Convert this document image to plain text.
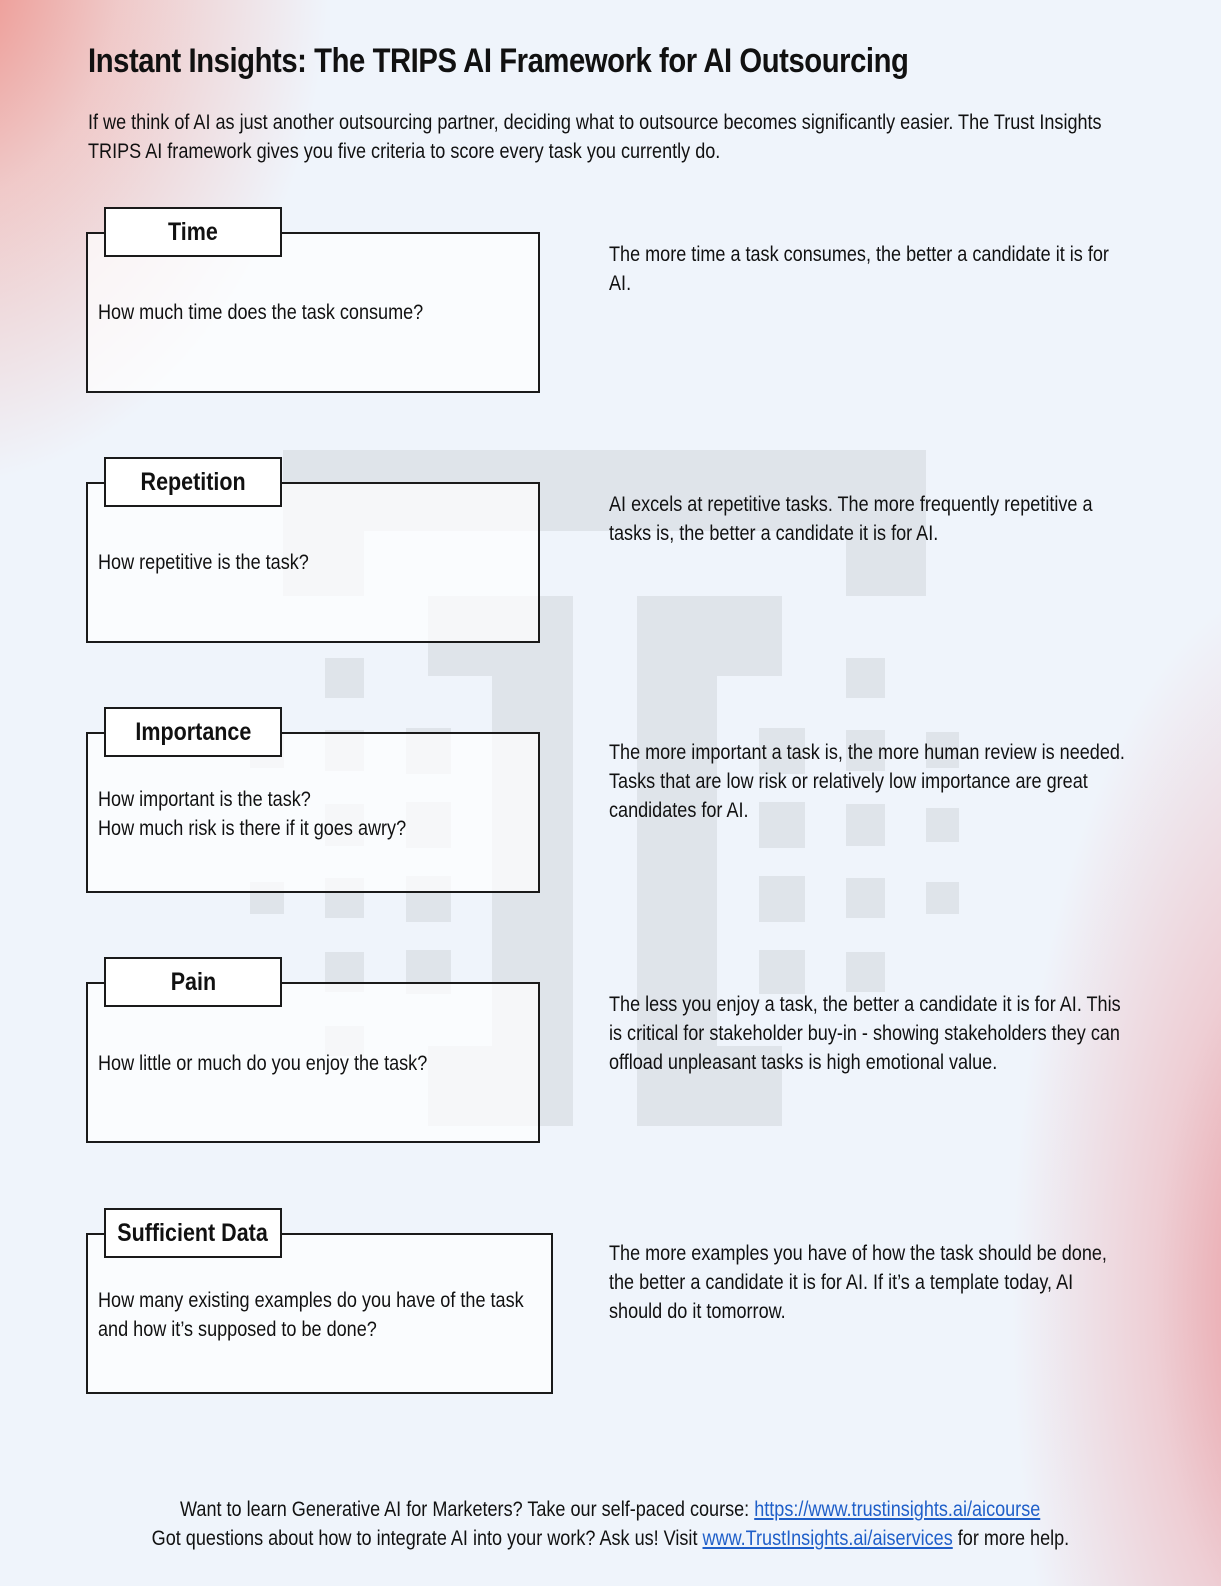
Instant Insights: The TRIPS AI Framework for AI Outsourcing
If we think of AI as just another outsourcing partner, deciding what to outsource becomes significantly easier. The Trust Insights TRIPS AI framework gives you five criteria to score every task you currently do.
Time
How much time does the task consume?
The more time a task consumes, the better a candidate it is for AI.
Repetition
How repetitive is the task?
AI excels at repetitive tasks. The more frequently repetitive a tasks is, the better a candidate it is for AI.
Importance
How important is the task?
How much risk is there if it goes awry?
The more important a task is, the more human review is needed. Tasks that are low risk or relatively low importance are great candidates for AI.
Pain
How little or much do you enjoy the task?
The less you enjoy a task, the better a candidate it is for AI. This is critical for stakeholder buy-in - showing stakeholders they can offload unpleasant tasks is high emotional value.
Sufficient Data
How many existing examples do you have of the task and how it’s supposed to be done?
The more examples you have of how the task should be done, the better a candidate it is for AI. If it’s a template today, AI should do it tomorrow.
Want to learn Generative AI for Marketers? Take our self-paced course: https://www.trustinsights.ai/aicourse
Got questions about how to integrate AI into your work? Ask us! Visit www.TrustInsights.ai/aiservices for more help.
